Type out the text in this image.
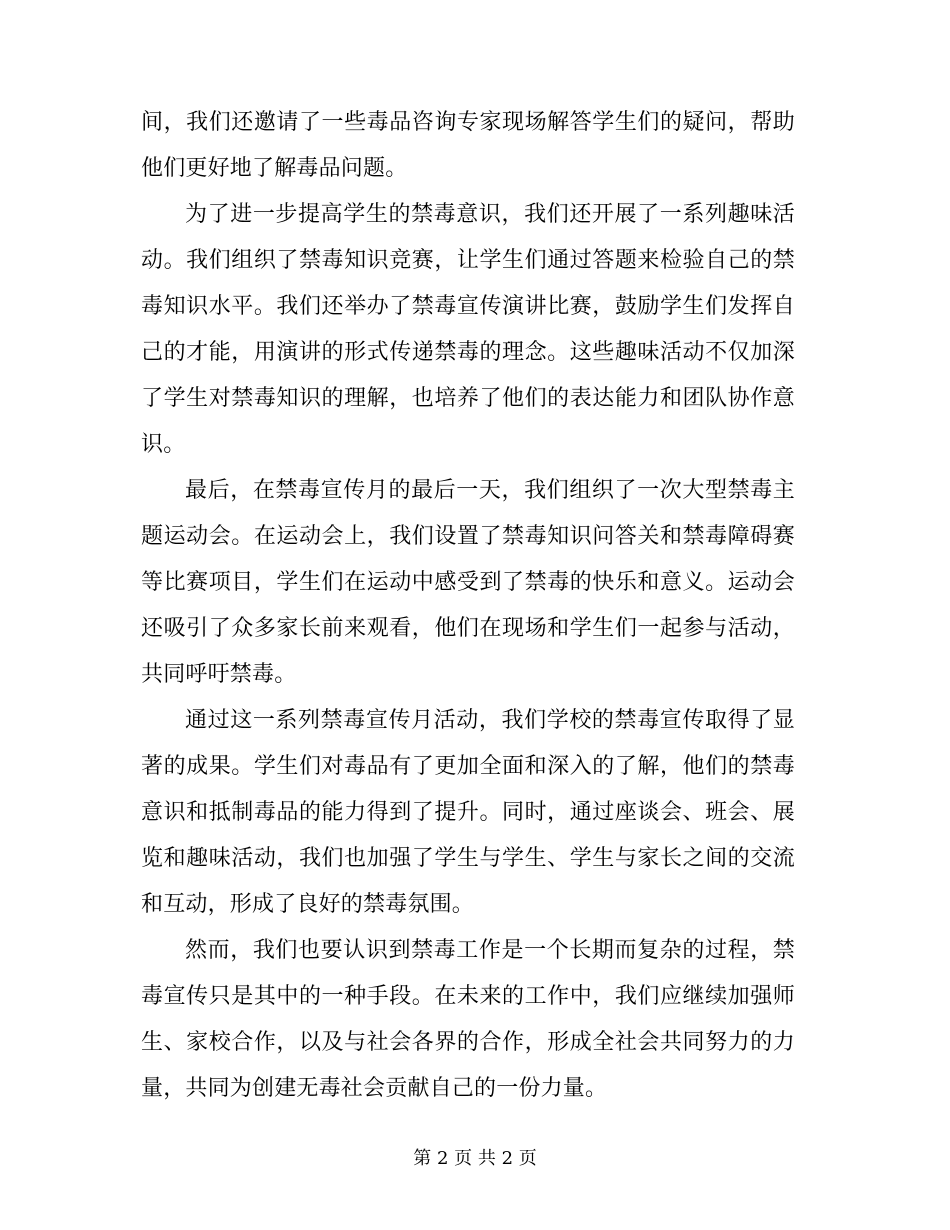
间，我们还邀请了一些毒品咨询专家现场解答学生们的疑问，帮助他们更好地了解毒品问题。

为了进一步提高学生的禁毒意识，我们还开展了一系列趣味活动。我们组织了禁毒知识竞赛，让学生们通过答题来检验自己的禁毒知识水平。我们还举办了禁毒宣传演讲比赛，鼓励学生们发挥自己的才能，用演讲的形式传递禁毒的理念。这些趣味活动不仅加深了学生对禁毒知识的理解，也培养了他们的表达能力和团队协作意识。

最后，在禁毒宣传月的最后一天，我们组织了一次大型禁毒主题运动会。在运动会上，我们设置了禁毒知识问答关和禁毒障碍赛等比赛项目，学生们在运动中感受到了禁毒的快乐和意义。运动会还吸引了众多家长前来观看，他们在现场和学生们一起参与活动，共同呼吁禁毒。

通过这一系列禁毒宣传月活动，我们学校的禁毒宣传取得了显著的成果。学生们对毒品有了更加全面和深入的了解，他们的禁毒意识和抵制毒品的能力得到了提升。同时，通过座谈会、班会、展览和趣味活动，我们也加强了学生与学生、学生与家长之间的交流和互动，形成了良好的禁毒氛围。

然而，我们也要认识到禁毒工作是一个长期而复杂的过程，禁毒宣传只是其中的一种手段。在未来的工作中，我们应继续加强师生、家校合作，以及与社会各界的合作，形成全社会共同努力的力量，共同为创建无毒社会贡献自己的一份力量。

第 2 页 共 2 页
